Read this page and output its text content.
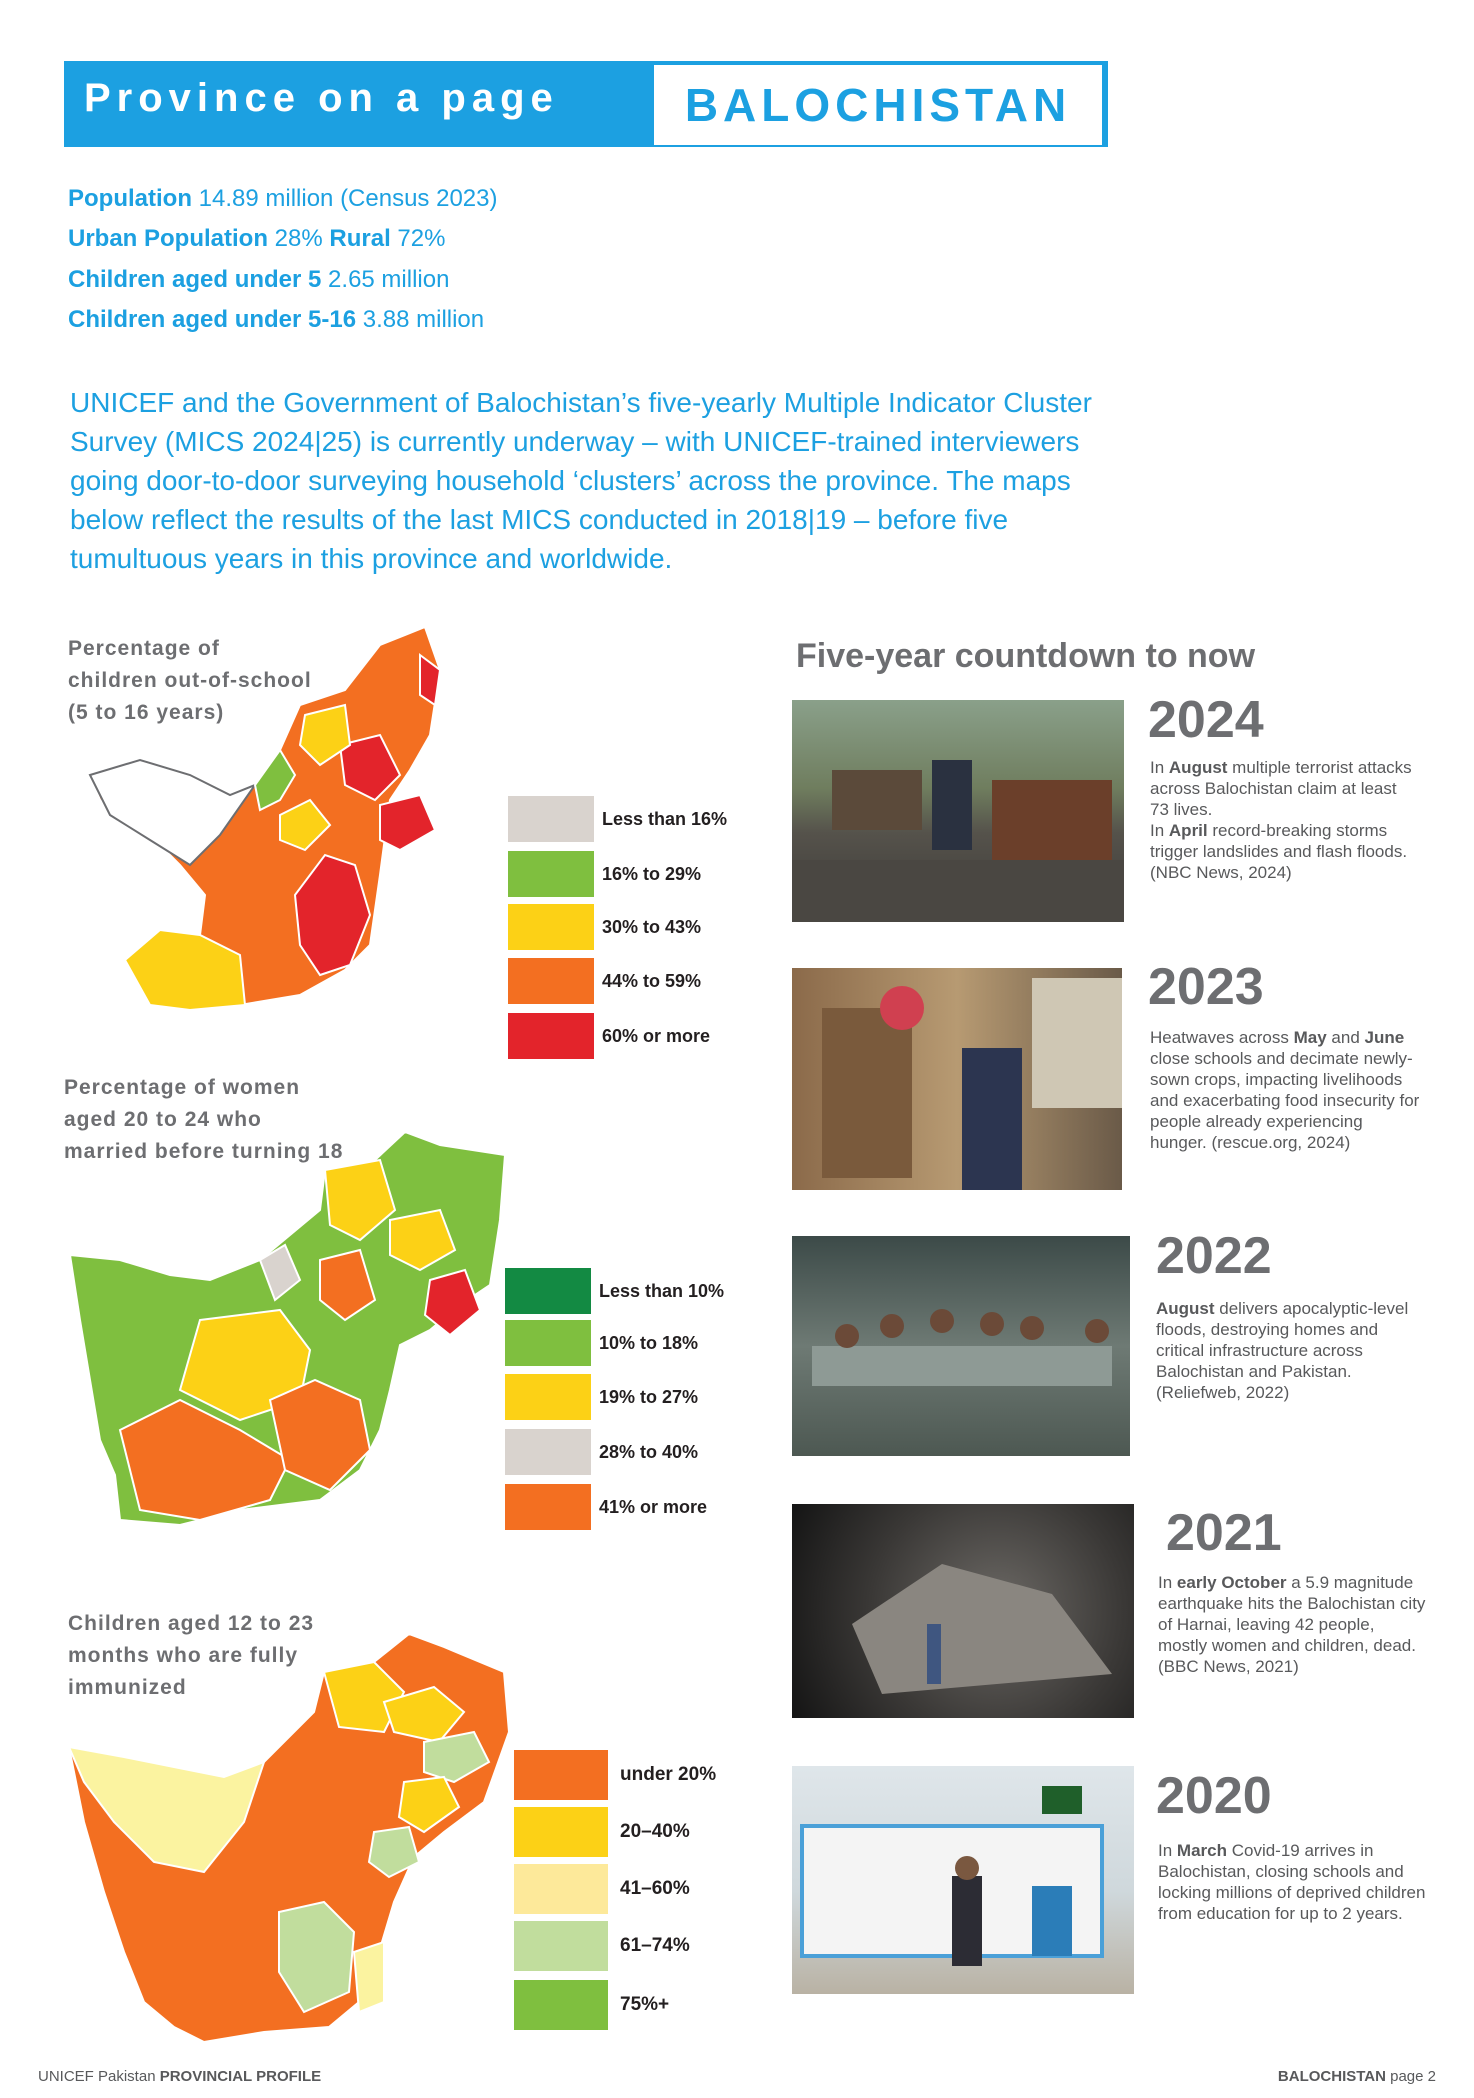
Province on a page	BALOCHISTAN
Population 14.89 million (Census 2023)
Urban Population 28% Rural 72%
Children aged under 5 2.65 million
Children aged under 5-16 3.88 million
UNICEF and the Government of Balochistan’s five-yearly Multiple Indicator Cluster Survey (MICS 2024|25) is currently underway – with UNICEF-trained interviewers going door-to-door surveying household ‘clusters’ across the province. The maps below reflect the results of the last MICS conducted in 2018|19 – before five tumultuous years in this province and worldwide.
Percentage of
children out-of-school
(5 to 16 years)
Less than 16%
16% to 29%
30% to 43%
44% to 59%
60% or more
Percentage of women
aged 20 to 24 who
married before turning 18
Less than 10%
10% to 18%
19% to 27%
28% to 40%
41% or more
Children aged 12 to 23
months who are fully
immunized
under 20%
20–40%
41–60%
61–74%
75%+
Five-year countdown to now
2024
In August multiple terrorist attacks across Balochistan claim at least 73 lives.
In April record-breaking storms trigger landslides and flash floods. (NBC News, 2024)
2023
Heatwaves across May and June close schools and decimate newly-sown crops, impacting livelihoods and exacerbating food insecurity for people already experiencing hunger. (rescue.org, 2024)
2022
August delivers apocalyptic-level floods, destroying homes and critical infrastructure across Balochistan and Pakistan. (Reliefweb, 2022)
2021
In early October a 5.9 magnitude earthquake hits the Balochistan city of Harnai, leaving 42 people, mostly women and children, dead. (BBC News, 2021)
2020
In March Covid-19 arrives in Balochistan, closing schools and locking millions of deprived children from education for up to 2 years.
UNICEF Pakistan PROVINCIAL PROFILE	BALOCHISTAN page 2
